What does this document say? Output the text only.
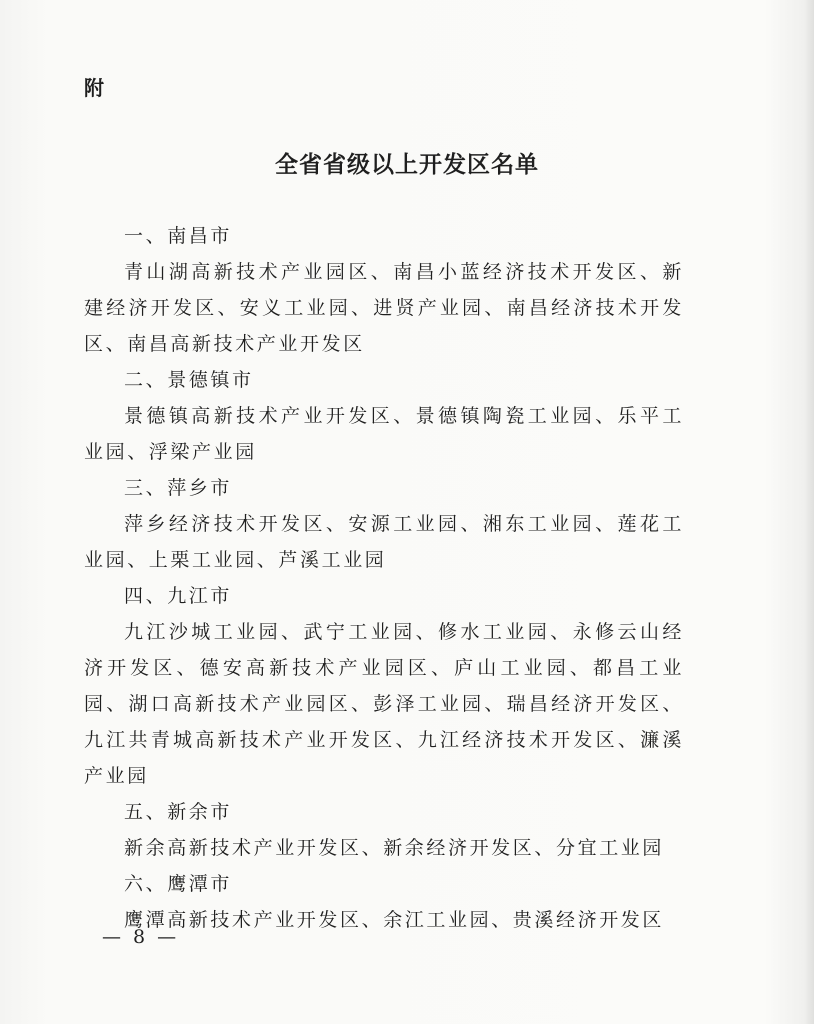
附
全省省级以上开发区名单

一、南昌市

青山湖高新技术产业园区、南昌小蓝经济技术开发区、新建经济开发区、安义工业园、进贤产业园、南昌经济技术开发区、南昌高新技术产业开发区

二、景德镇市

景德镇高新技术产业开发区、景德镇陶瓷工业园、乐平工业园、浮梁产业园

三、萍乡市

萍乡经济技术开发区、安源工业园、湘东工业园、莲花工业园、上栗工业园、芦溪工业园

四、九江市

九江沙城工业园、武宁工业园、修水工业园、永修云山经济开发区、德安高新技术产业园区、庐山工业园、都昌工业园、湖口高新技术产业园区、彭泽工业园、瑞昌经济开发区、九江共青城高新技术产业开发区、九江经济技术开发区、濂溪产业园

五、新余市

新余高新技术产业开发区、新余经济开发区、分宜工业园

六、鹰潭市

鹰潭高新技术产业开发区、余江工业园、贵溪经济开发区

— 8 —
